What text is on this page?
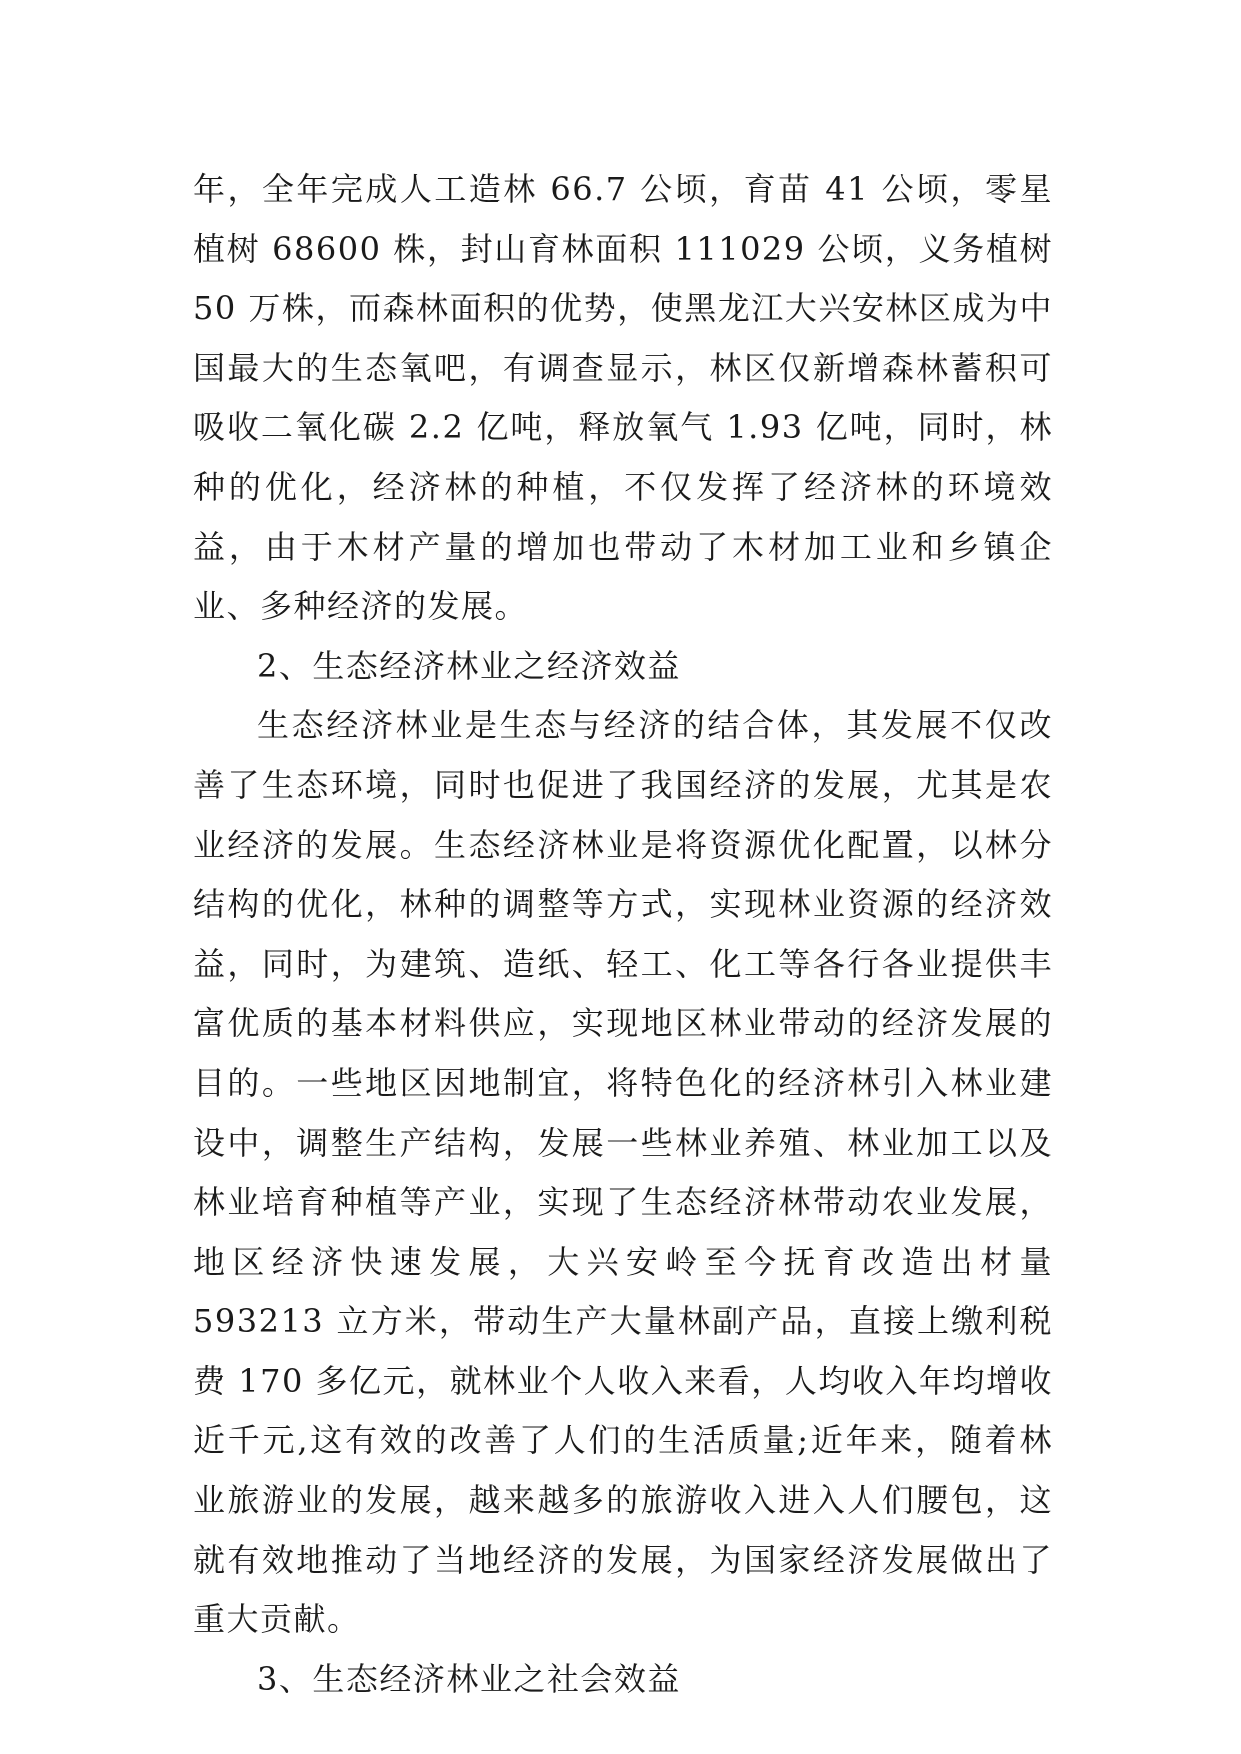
年，全年完成人工造林 66.7 公顷，育苗 41 公顷，零星植树 68600 株，封山育林面积 111029 公顷，义务植树 50 万株，而森林面积的优势，使黑龙江大兴安林区成为中国最大的生态氧吧，有调查显示，林区仅新增森林蓄积可吸收二氧化碳 2.2 亿吨，释放氧气 1.93 亿吨，同时，林种的优化，经济林的种植，不仅发挥了经济林的环境效益，由于木材产量的增加也带动了木材加工业和乡镇企业、多种经济的发展。

2、生态经济林业之经济效益

生态经济林业是生态与经济的结合体，其发展不仅改善了生态环境，同时也促进了我国经济的发展，尤其是农业经济的发展。生态经济林业是将资源优化配置，以林分结构的优化，林种的调整等方式，实现林业资源的经济效益，同时，为建筑、造纸、轻工、化工等各行各业提供丰富优质的基本材料供应，实现地区林业带动的经济发展的目的。一些地区因地制宜，将特色化的经济林引入林业建设中，调整生产结构，发展一些林业养殖、林业加工以及林业培育种植等产业，实现了生态经济林带动农业发展，地区经济快速发展，大兴安岭至今抚育改造出材量 593213 立方米，带动生产大量林副产品，直接上缴利税费 170 多亿元，就林业个人收入来看，人均收入年均增收近千元,这有效的改善了人们的生活质量;近年来，随着林业旅游业的发展，越来越多的旅游收入进入人们腰包，这就有效地推动了当地经济的发展，为国家经济发展做出了重大贡献。

3、生态经济林业之社会效益
